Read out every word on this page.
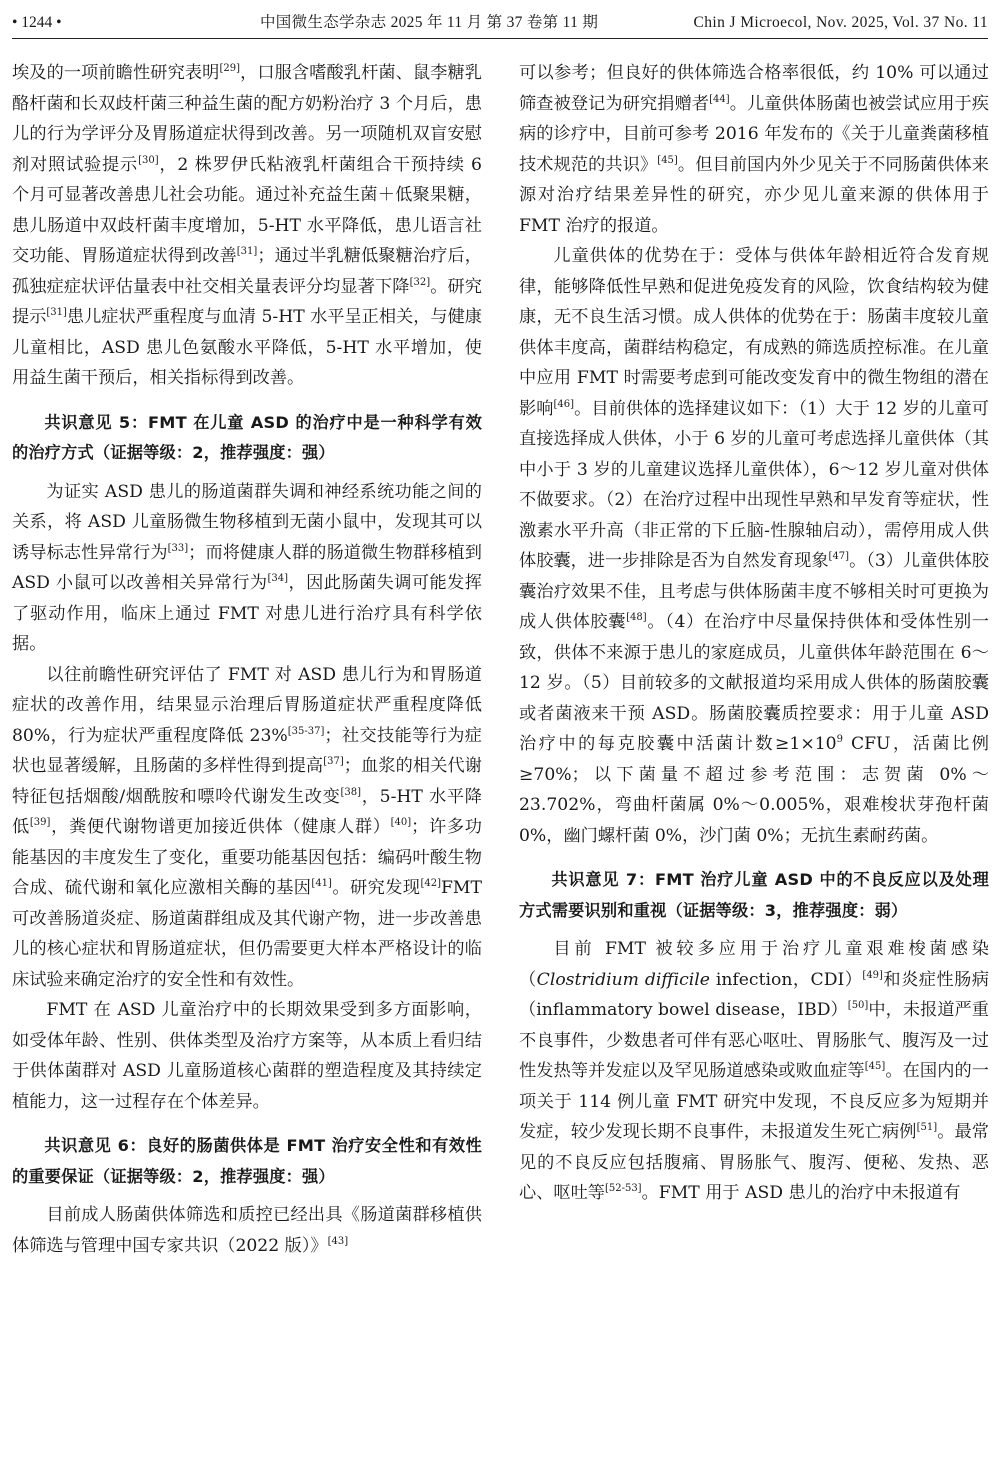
• 1244 •	中国微生态学杂志 2025 年 11 月 第 37 卷第 11 期	Chin J Microecol, Nov. 2025, Vol. 37 No. 11

埃及的一项前瞻性研究表明[29]，口服含嗜酸乳杆菌、鼠李糖乳酪杆菌和长双歧杆菌三种益生菌的配方奶粉治疗 3 个月后，患儿的行为学评分及胃肠道症状得到改善。另一项随机双盲安慰剂对照试验提示[30]，2 株罗伊氏粘液乳杆菌组合干预持续 6 个月可显著改善患儿社会功能。通过补充益生菌＋低聚果糖，患儿肠道中双歧杆菌丰度增加，5-HT 水平降低，患儿语言社交功能、胃肠道症状得到改善[31]；通过半乳糖低聚糖治疗后，孤独症症状评估量表中社交相关量表评分均显著下降[32]。研究提示[31]患儿症状严重程度与血清 5-HT 水平呈正相关，与健康儿童相比，ASD 患儿色氨酸水平降低，5-HT 水平增加，使用益生菌干预后，相关指标得到改善。

共识意见 5：FMT 在儿童 ASD 的治疗中是一种科学有效的治疗方式（证据等级：2，推荐强度：强）

为证实 ASD 患儿的肠道菌群失调和神经系统功能之间的关系，将 ASD 儿童肠微生物移植到无菌小鼠中，发现其可以诱导标志性异常行为[33]；而将健康人群的肠道微生物群移植到 ASD 小鼠可以改善相关异常行为[34]，因此肠菌失调可能发挥了驱动作用，临床上通过 FMT 对患儿进行治疗具有科学依据。

以往前瞻性研究评估了 FMT 对 ASD 患儿行为和胃肠道症状的改善作用，结果显示治理后胃肠道症状严重程度降低 80%，行为症状严重程度降低 23%[35-37]；社交技能等行为症状也显著缓解，且肠菌的多样性得到提高[37]；血浆的相关代谢特征包括烟酸/烟酰胺和嘌呤代谢发生改变[38]，5-HT 水平降低[39]，粪便代谢物谱更加接近供体（健康人群）[40]；许多功能基因的丰度发生了变化，重要功能基因包括：编码叶酸生物合成、硫代谢和氧化应激相关酶的基因[41]。研究发现[42]FMT 可改善肠道炎症、肠道菌群组成及其代谢产物，进一步改善患儿的核心症状和胃肠道症状，但仍需要更大样本严格设计的临床试验来确定治疗的安全性和有效性。

FMT 在 ASD 儿童治疗中的长期效果受到多方面影响，如受体年龄、性别、供体类型及治疗方案等，从本质上看归结于供体菌群对 ASD 儿童肠道核心菌群的塑造程度及其持续定植能力，这一过程存在个体差异。

共识意见 6：良好的肠菌供体是 FMT 治疗安全性和有效性的重要保证（证据等级：2，推荐强度：强）

目前成人肠菌供体筛选和质控已经出具《肠道菌群移植供体筛选与管理中国专家共识（2022 版）》[43]

可以参考；但良好的供体筛选合格率很低，约 10% 可以通过筛查被登记为研究捐赠者[44]。儿童供体肠菌也被尝试应用于疾病的诊疗中，目前可参考 2016 年发布的《关于儿童粪菌移植技术规范的共识》[45]。但目前国内外少见关于不同肠菌供体来源对治疗结果差异性的研究，亦少见儿童来源的供体用于 FMT 治疗的报道。

儿童供体的优势在于：受体与供体年龄相近符合发育规律，能够降低性早熟和促进免疫发育的风险，饮食结构较为健康，无不良生活习惯。成人供体的优势在于：肠菌丰度较儿童供体丰度高，菌群结构稳定，有成熟的筛选质控标准。在儿童中应用 FMT 时需要考虑到可能改变发育中的微生物组的潜在影响[46]。目前供体的选择建议如下：（1）大于 12 岁的儿童可直接选择成人供体，小于 6 岁的儿童可考虑选择儿童供体（其中小于 3 岁的儿童建议选择儿童供体），6～12 岁儿童对供体不做要求。（2）在治疗过程中出现性早熟和早发育等症状，性激素水平升高（非正常的下丘脑-性腺轴启动），需停用成人供体胶囊，进一步排除是否为自然发育现象[47]。（3）儿童供体胶囊治疗效果不佳，且考虑与供体肠菌丰度不够相关时可更换为成人供体胶囊[48]。（4）在治疗中尽量保持供体和受体性别一致，供体不来源于患儿的家庭成员，儿童供体年龄范围在 6～12 岁。（5）目前较多的文献报道均采用成人供体的肠菌胶囊或者菌液来干预 ASD。肠菌胶囊质控要求：用于儿童 ASD 治疗中的每克胶囊中活菌计数$\ge 1\times 10^9$ CFU，活菌比例≥70%；以下菌量不超过参考范围：志贺菌 0%～23.702%，弯曲杆菌属 0%～0.005%，艰难梭状芽孢杆菌 0%，幽门螺杆菌 0%，沙门菌 0%；无抗生素耐药菌。

共识意见 7：FMT 治疗儿童 ASD 中的不良反应以及处理方式需要识别和重视（证据等级：3，推荐强度：弱）

目前 FMT 被较多应用于治疗儿童艰难梭菌感染（Clostridium difficile infection，CDI）[49]和炎症性肠病（inflammatory bowel disease，IBD）[50]中，未报道严重不良事件，少数患者可伴有恶心呕吐、胃肠胀气、腹泻及一过性发热等并发症以及罕见肠道感染或败血症等[45]。在国内的一项关于 114 例儿童 FMT 研究中发现，不良反应多为短期并发症，较少发现长期不良事件，未报道发生死亡病例[51]。最常见的不良反应包括腹痛、胃肠胀气、腹泻、便秘、发热、恶心、呕吐等[52-53]。FMT 用于 ASD 患儿的治疗中未报道有
